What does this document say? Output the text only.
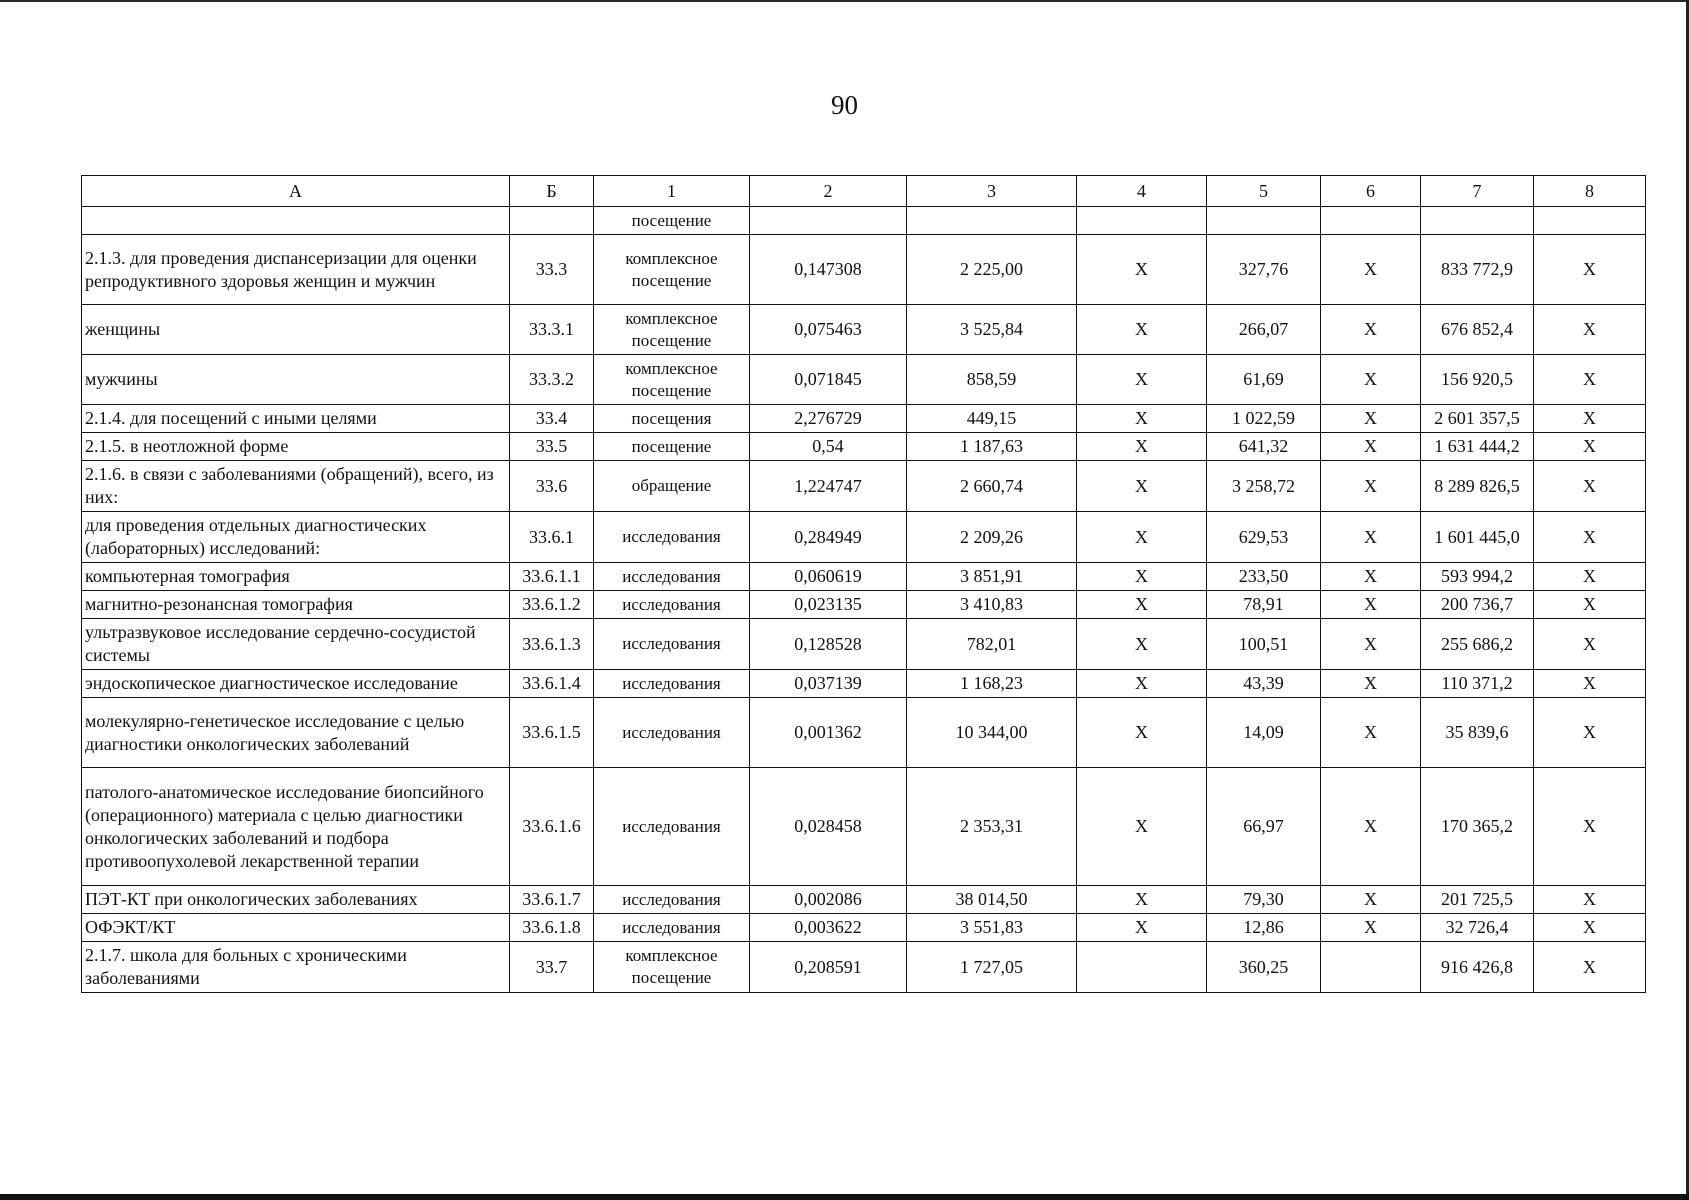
90
А	Б	1	2	3	4	5	6	7	8
		посещение							
2.1.3. для проведения диспансеризации для оценки репродуктивного здоровья женщин и мужчин	33.3	комплексное посещение	0,147308	2 225,00	Х	327,76	Х	833 772,9	Х
женщины	33.3.1	комплексное посещение	0,075463	3 525,84	Х	266,07	Х	676 852,4	Х
мужчины	33.3.2	комплексное посещение	0,071845	858,59	Х	61,69	Х	156 920,5	Х
2.1.4. для посещений с иными целями	33.4	посещения	2,276729	449,15	Х	1 022,59	Х	2 601 357,5	Х
2.1.5. в неотложной форме	33.5	посещение	0,54	1 187,63	Х	641,32	Х	1 631 444,2	Х
2.1.6. в связи с заболеваниями (обращений), всего, из них:	33.6	обращение	1,224747	2 660,74	Х	3 258,72	Х	8 289 826,5	Х
для проведения отдельных диагностических (лабораторных) исследований:	33.6.1	исследования	0,284949	2 209,26	Х	629,53	Х	1 601 445,0	Х
компьютерная томография	33.6.1.1	исследования	0,060619	3 851,91	Х	233,50	Х	593 994,2	Х
магнитно-резонансная томография	33.6.1.2	исследования	0,023135	3 410,83	Х	78,91	Х	200 736,7	Х
ультразвуковое исследование сердечно-сосудистой системы	33.6.1.3	исследования	0,128528	782,01	Х	100,51	Х	255 686,2	Х
эндоскопическое диагностическое исследование	33.6.1.4	исследования	0,037139	1 168,23	Х	43,39	Х	110 371,2	Х
молекулярно-генетическое исследование с целью диагностики онкологических заболеваний	33.6.1.5	исследования	0,001362	10 344,00	Х	14,09	Х	35 839,6	Х
патолого-анатомическое исследование биопсийного (операционного) материала с целью диагностики онкологических заболеваний и подбора противоопухолевой лекарственной терапии	33.6.1.6	исследования	0,028458	2 353,31	Х	66,97	Х	170 365,2	Х
ПЭТ-КТ при онкологических заболеваниях	33.6.1.7	исследования	0,002086	38 014,50	Х	79,30	Х	201 725,5	Х
ОФЭКТ/КТ	33.6.1.8	исследования	0,003622	3 551,83	Х	12,86	Х	32 726,4	Х
2.1.7. школа для больных с хроническими заболеваниями	33.7	комплексное посещение	0,208591	1 727,05		360,25		916 426,8	Х
